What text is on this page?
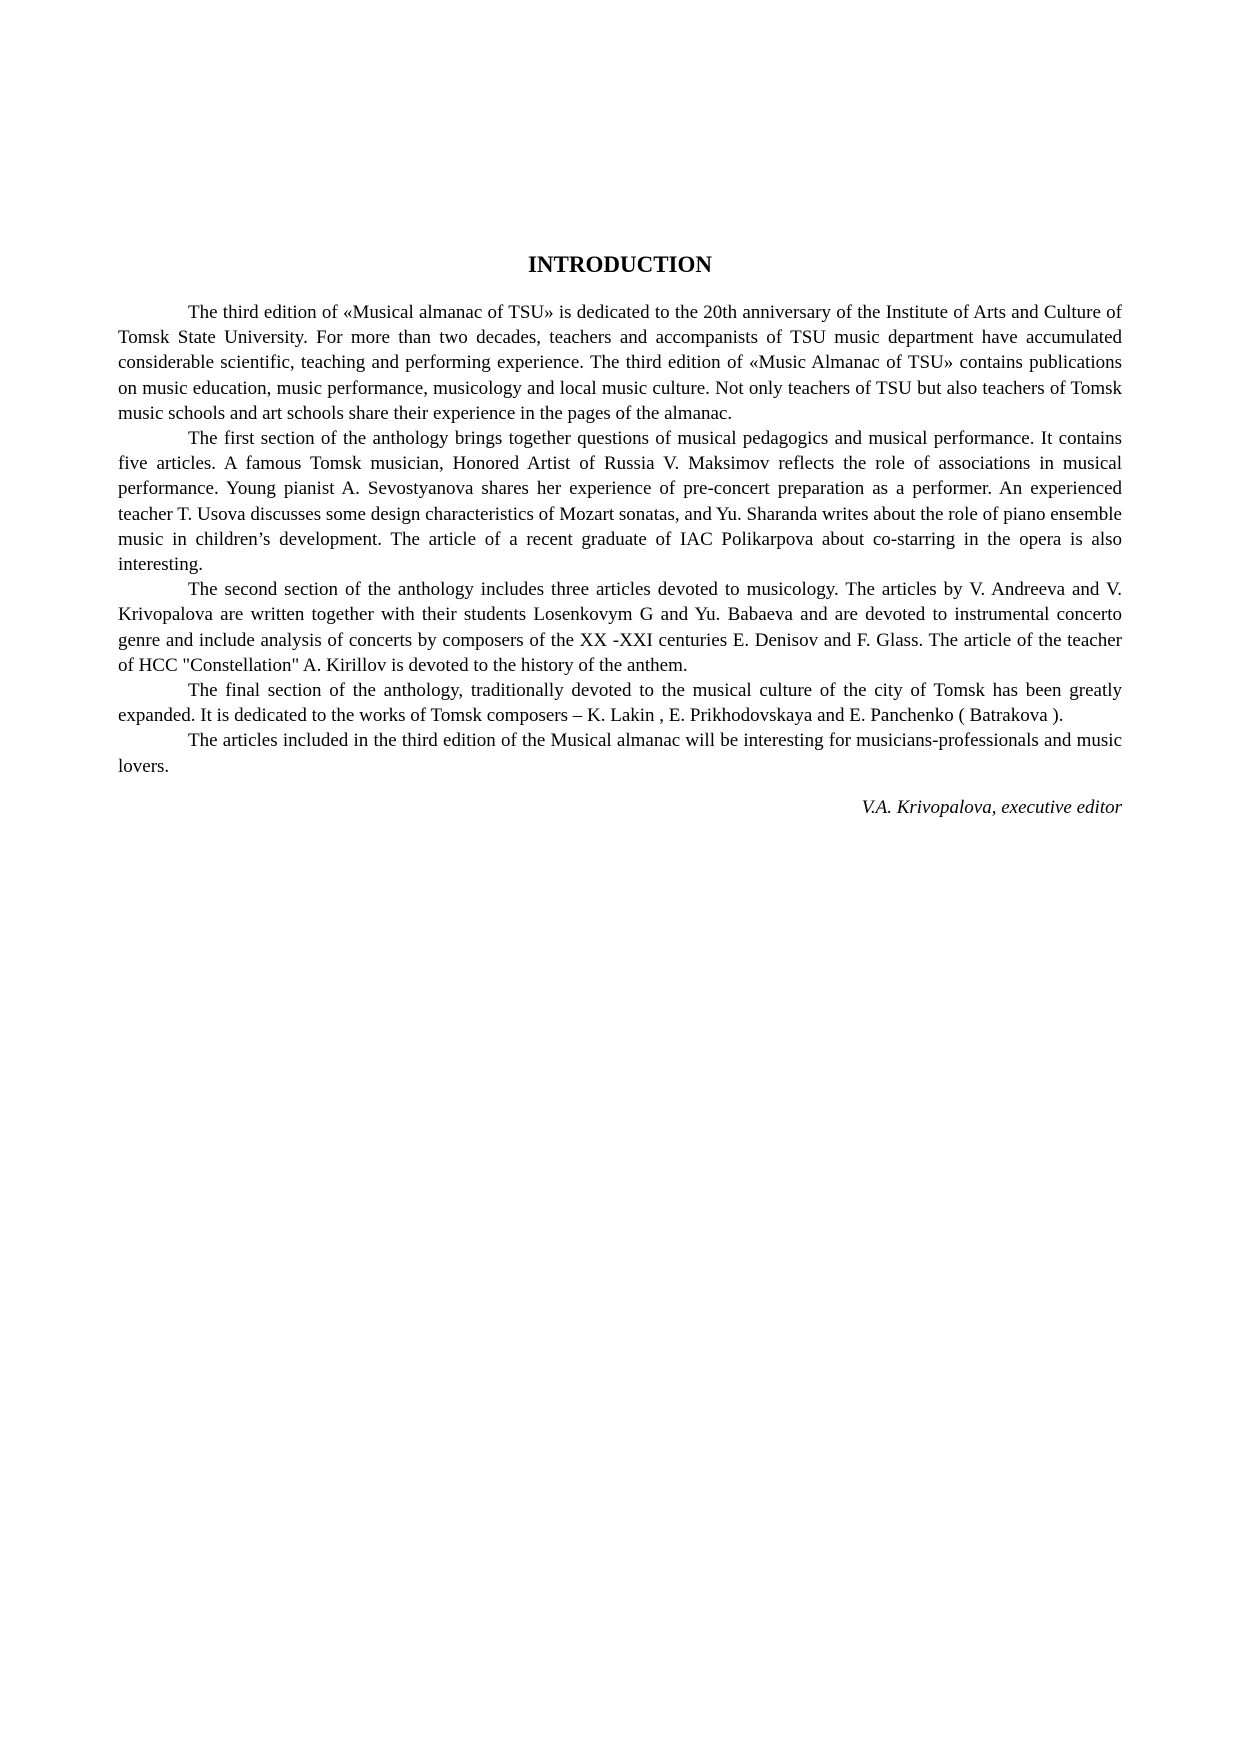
INTRODUCTION

The third edition of «Musical almanac of TSU» is dedicated to the 20th anniversary of the Institute of Arts and Culture of Tomsk State University. For more than two decades, teachers and accompanists of TSU music department have accumulated considerable scientific, teaching and performing experience. The third edition of «Music Almanac of TSU» contains publications on music education, music performance, musicology and local music culture. Not only teachers of TSU but also teachers of Tomsk music schools and art schools share their experience in the pages of the almanac.

The first section of the anthology brings together questions of musical pedagogics and musical performance. It contains five articles. A famous Tomsk musician, Honored Artist of Russia V. Maksimov reflects the role of associations in musical performance. Young pianist A. Sevostyanova shares her experience of pre-concert preparation as a performer. An experienced teacher T. Usova discusses some design characteristics of Mozart sonatas, and Yu. Sharanda writes about the role of piano ensemble music in children’s development. The article of a recent graduate of IAC Polikarpova about co-starring in the opera is also interesting.

The second section of the anthology includes three articles devoted to musicology. The articles by V. Andreeva and V. Krivopalova are written together with their students Losenkovym G and Yu. Babaeva and are devoted to instrumental concerto genre and include analysis of concerts by composers of the XX -XXI centuries E. Denisov and F. Glass. The article of the teacher of HCC "Constellation" A. Kirillov is devoted to the history of the anthem.

The final section of the anthology, traditionally devoted to the musical culture of the city of Tomsk has been greatly expanded. It is dedicated to the works of Tomsk composers – K. Lakin , E. Prikhodovskaya and E. Panchenko ( Batrakova ).

The articles included in the third edition of the Musical almanac will be interesting for musicians-professionals and music lovers.

V.A. Krivopalova, executive editor
